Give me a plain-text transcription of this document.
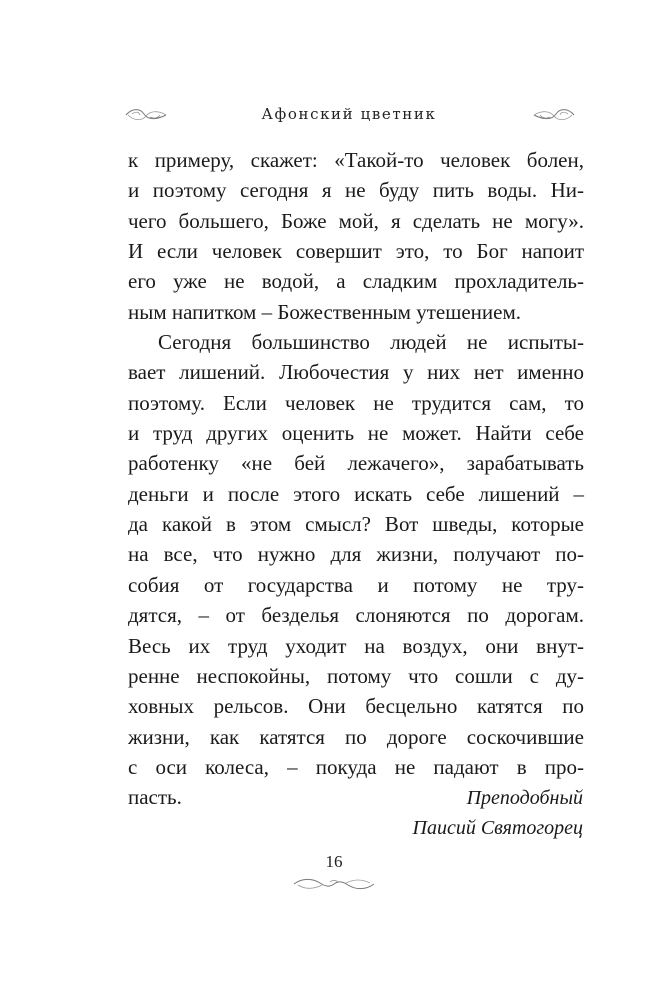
Афонский цветник
к примеру, скажет: «Такой-то человек болен,
и поэтому сегодня я не буду пить воды. Ни-
чего большего, Боже мой, я сделать не могу».
И если человек совершит это, то Бог напоит
его уже не водой, а сладким прохладитель-
ным напитком – Божественным утешением.
Сегодня большинство людей не испыты-
вает лишений. Любочестия у них нет именно
поэтому. Если человек не трудится сам, то
и труд других оценить не может. Найти себе
работенку «не бей лежачего», зарабатывать
деньги и после этого искать себе лишений –
да какой в этом смысл? Вот шведы, которые
на все, что нужно для жизни, получают по-
собия от государства и потому не тру-
дятся, – от безделья слоняются по дорогам.
Весь их труд уходит на воздух, они внут-
ренне неспокойны, потому что сошли с ду-
ховных рельсов. Они бесцельно катятся по
жизни, как катятся по дороге соскочившие
с оси колеса, – покуда не падают в про-
пасть.	Преподобный
Паисий Святогорец
16
